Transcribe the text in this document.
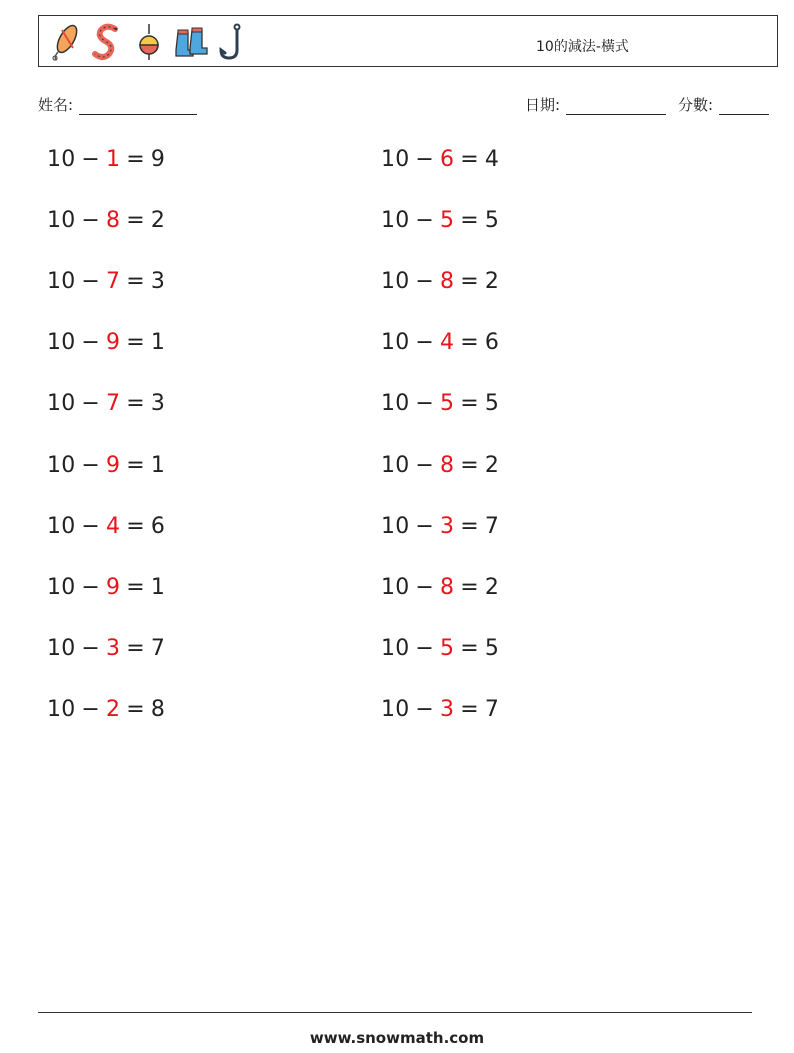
10的減法-橫式
姓名:	日期:	分數:
10 − 1 = 9	10 − 6 = 4
10 − 8 = 2	10 − 5 = 5
10 − 7 = 3	10 − 8 = 2
10 − 9 = 1	10 − 4 = 6
10 − 7 = 3	10 − 5 = 5
10 − 9 = 1	10 − 8 = 2
10 − 4 = 6	10 − 3 = 7
10 − 9 = 1	10 − 8 = 2
10 − 3 = 7	10 − 5 = 5
10 − 2 = 8	10 − 3 = 7
www.snowmath.com
